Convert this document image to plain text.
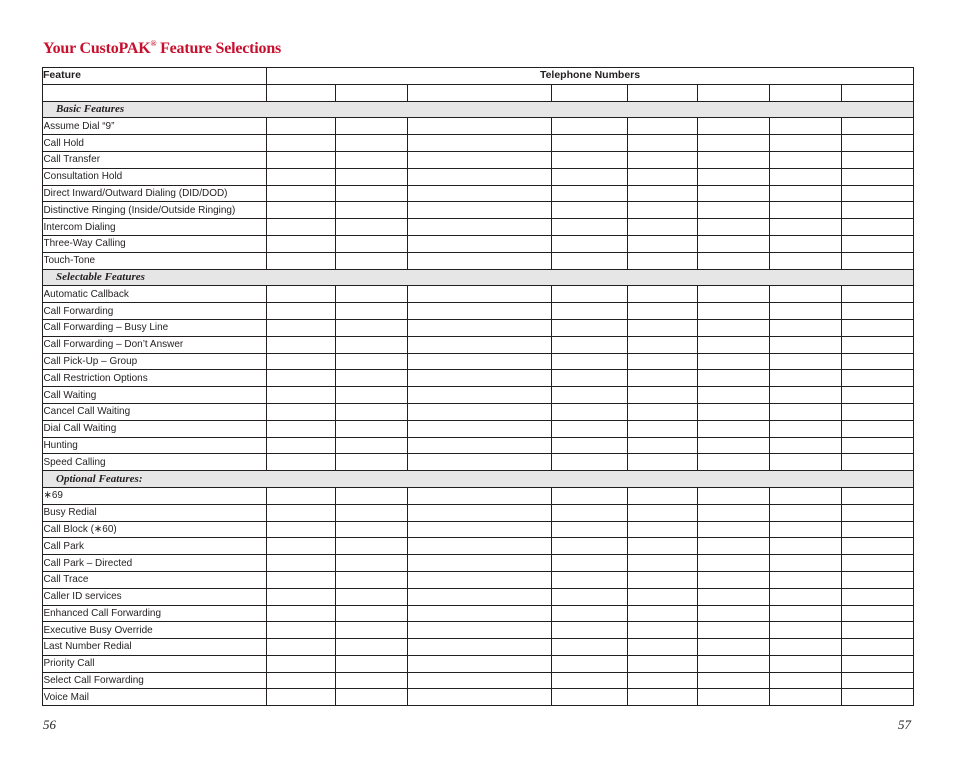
Your CustoPAK® Feature Selections
Feature	Telephone Numbers							

Basic Features								
Assume Dial “9”								
Call Hold								
Call Transfer								
Consultation Hold								
Direct Inward/Outward Dialing (DID/DOD)								
Distinctive Ringing (Inside/Outside Ringing)								
Intercom Dialing								
Three-Way Calling								
Touch-Tone								
Selectable Features								
Automatic Callback								
Call Forwarding								
Call Forwarding – Busy Line								
Call Forwarding – Don’t Answer								
Call Pick-Up – Group								
Call Restriction Options								
Call Waiting								
Cancel Call Waiting								
Dial Call Waiting								
Hunting								
Speed Calling								
Optional Features:								
∗69								
Busy Redial								
Call Block (∗60)								
Call Park								
Call Park – Directed								
Call Trace								
Caller ID services								
Enhanced Call Forwarding								
Executive Busy Override								
Last Number Redial								
Priority Call								
Select Call Forwarding								
Voice Mail								
56	57
